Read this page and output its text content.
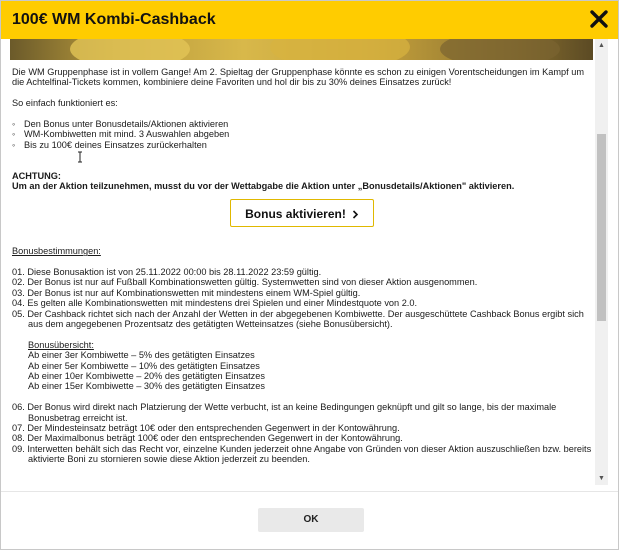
100€ WM Kombi-Cashback

Die WM Gruppenphase ist in vollem Gange! Am 2. Spieltag der Gruppenphase könnte es schon zu einigen Vorentscheidungen im Kampf um die Achtelfinal-Tickets kommen, kombiniere deine Favoriten und hol dir bis zu 30% deines Einsatzes zurück!

So einfach funktioniert es:

◦ Den Bonus unter Bonusdetails/Aktionen aktivieren
◦ WM-Kombiwetten mit mind. 3 Auswahlen abgeben
◦ Bis zu 100€ deines Einsatzes zurückerhalten

ACHTUNG:

Um an der Aktion teilzunehmen, musst du vor der Wettabgabe die Aktion unter „Bonusdetails/Aktionen" aktivieren.

Bonus aktivieren!

Bonusbestimmungen:

01. Diese Bonusaktion ist von 25.11.2022 00:00 bis 28.11.2022 23:59 gültig.
02. Der Bonus ist nur auf Fußball Kombinationswetten gültig. Systemwetten sind von dieser Aktion ausgenommen.
03. Der Bonus ist nur auf Kombinationswetten mit mindestens einem WM-Spiel gültig.
04. Es gelten alle Kombinationswetten mit mindestens drei Spielen und einer Mindestquote von 2.0.
05. Der Cashback richtet sich nach der Anzahl der Wetten in der abgegebenen Kombiwette. Der ausgeschüttete Cashback Bonus ergibt sich aus dem angegebenen Prozentsatz des getätigten Wetteinsatzes (siehe Bonusübersicht).

Bonusübersicht:

Ab einer 3er Kombiwette – 5% des getätigten Einsatzes

Ab einer 5er Kombiwette – 10% des getätigten Einsatzes

Ab einer 10er Kombiwette – 20% des getätigten Einsatzes

Ab einer 15er Kombiwette – 30% des getätigten Einsatzes

06. Der Bonus wird direkt nach Platzierung der Wette verbucht, ist an keine Bedingungen geknüpft und gilt so lange, bis der maximale Bonusbetrag erreicht ist.
07. Der Mindesteinsatz beträgt 10€ oder den entsprechenden Gegenwert in der Kontowährung.
08. Der Maximalbonus beträgt 100€ oder den entsprechenden Gegenwert in der Kontowährung.
09. Interwetten behält sich das Recht vor, einzelne Kunden jederzeit ohne Angabe von Gründen von dieser Aktion auszuschließen bzw. bereits aktivierte Boni zu stornieren sowie diese Aktion jederzeit zu beenden.
▲
▼
OK
